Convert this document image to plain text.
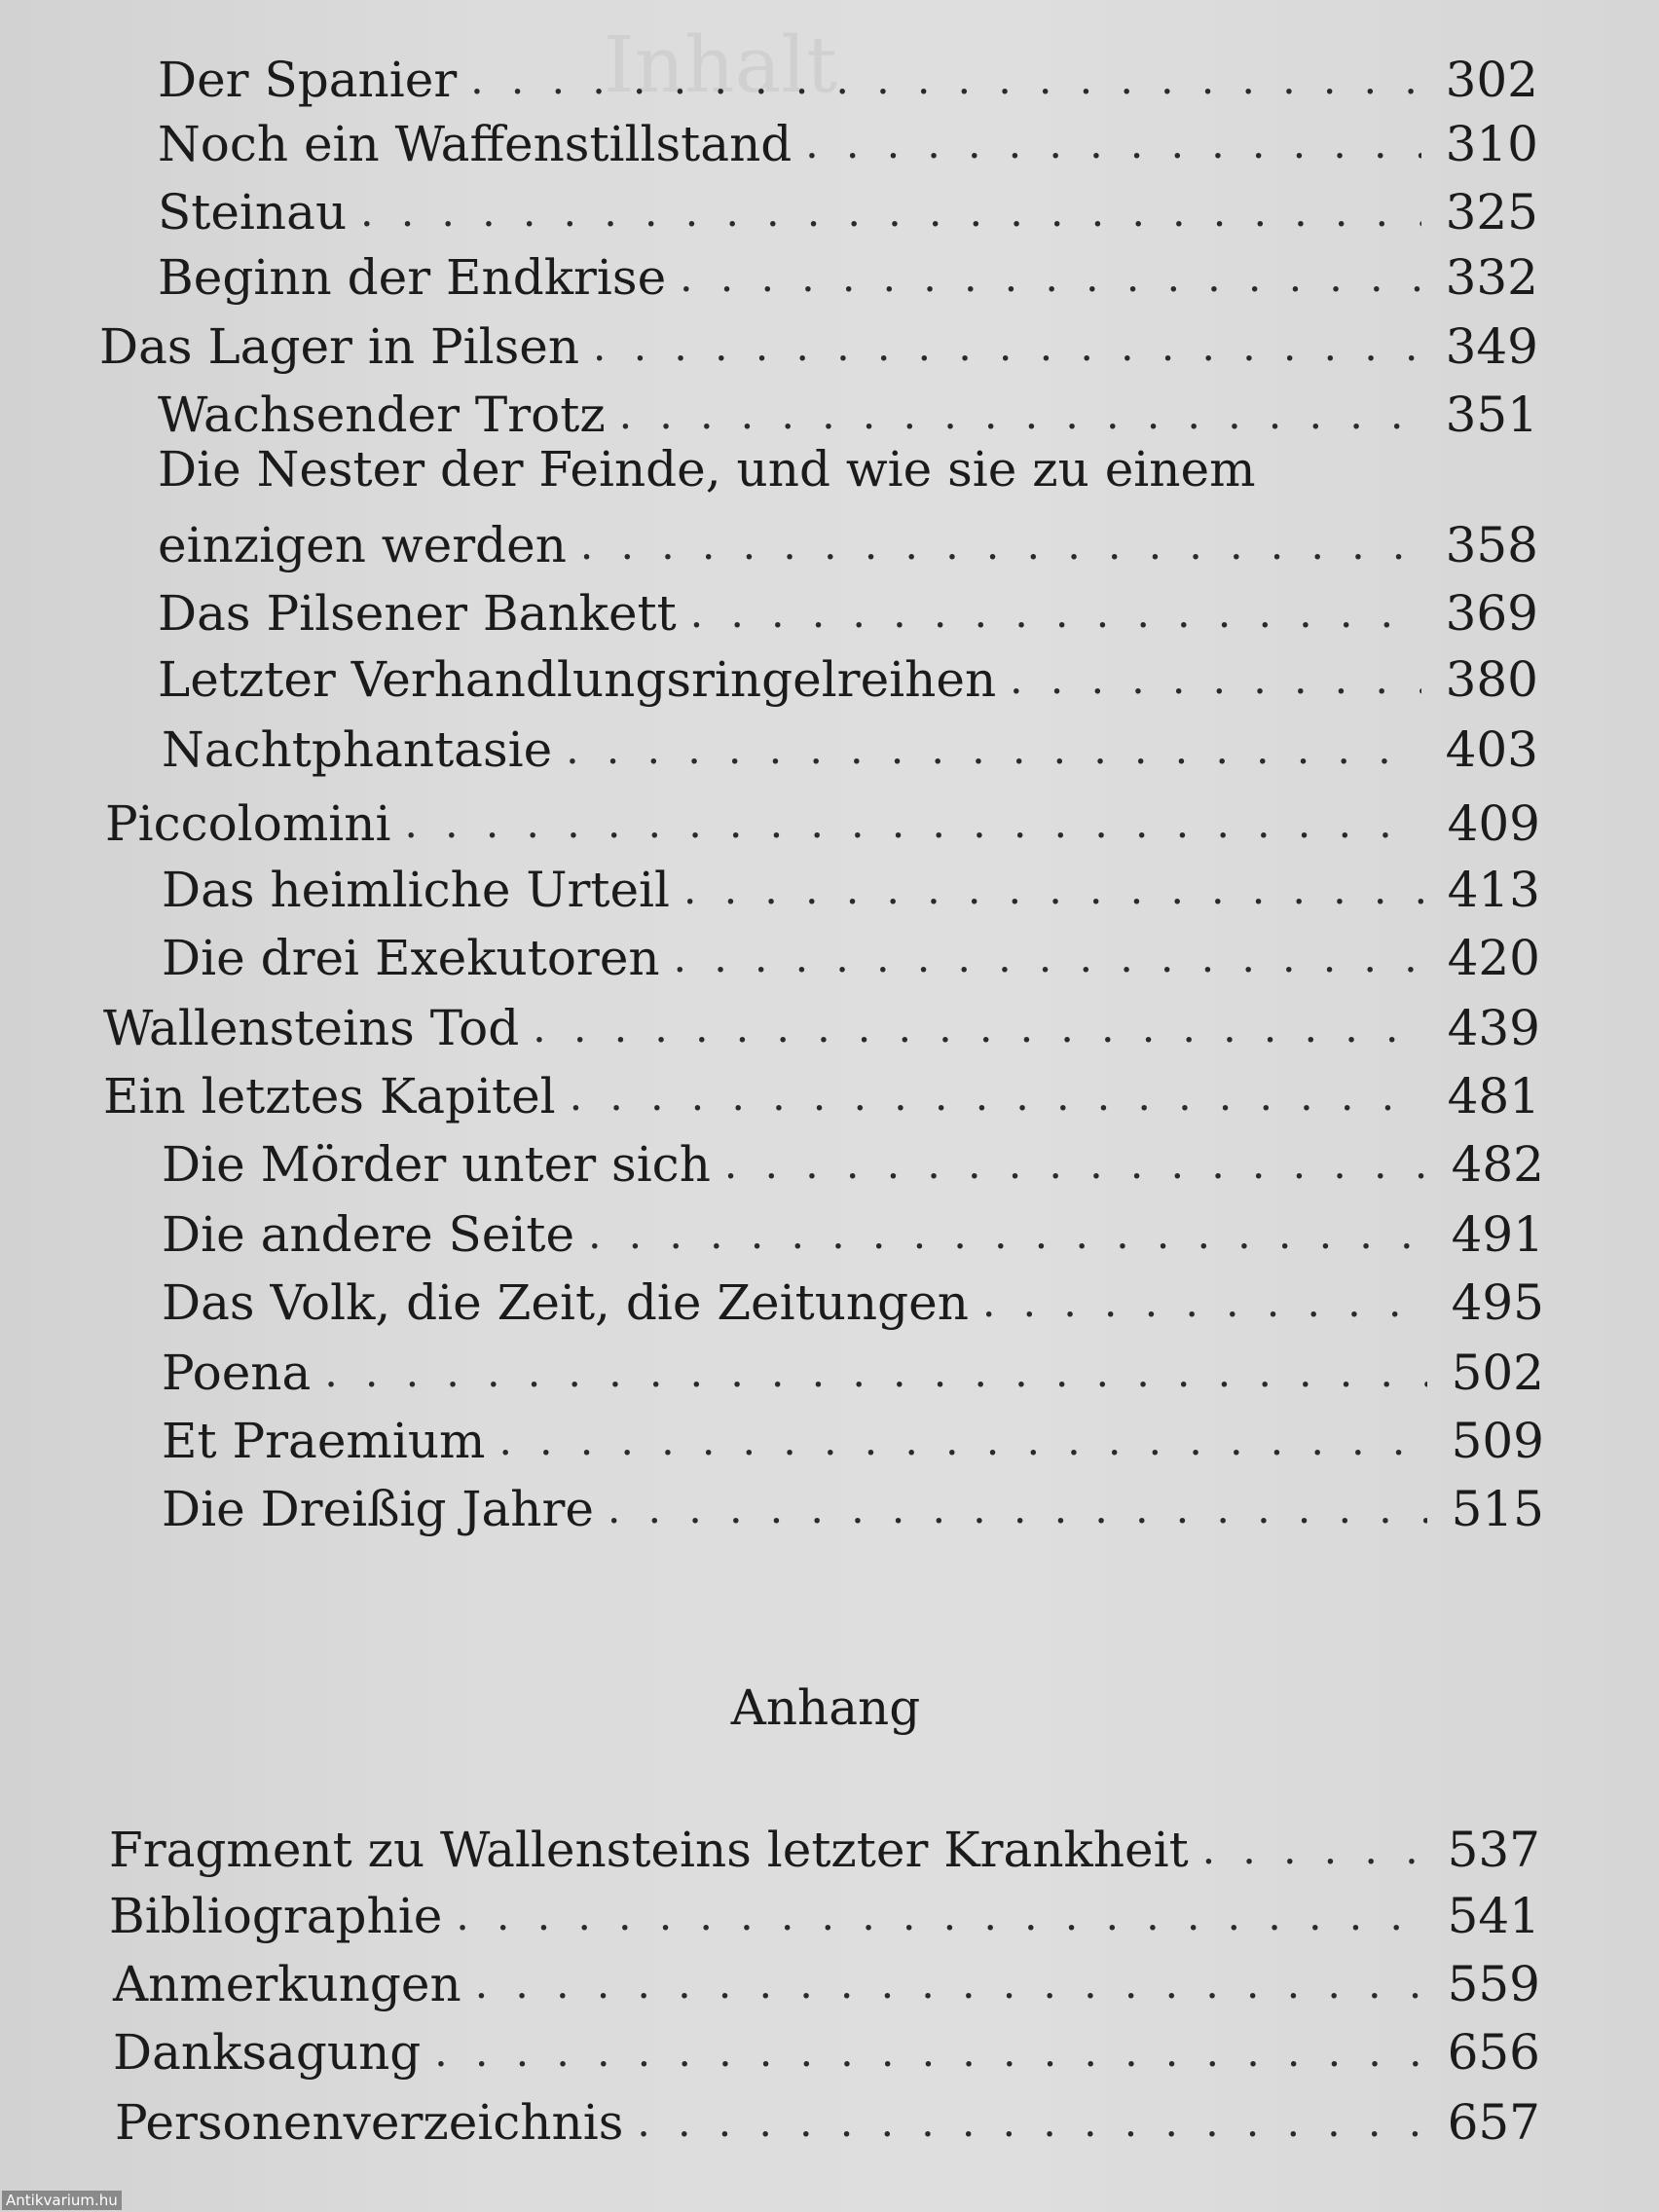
Inhalt
Der Spanier . . .	302
Noch ein Waffenstillstand . . .	310
Steinau . . .	325
Beginn der Endkrise . . .	332
Das Lager in Pilsen . . .	349
Wachsender Trotz . . .	351
Die Nester der Feinde, und wie sie zu einem
einzigen werden . . .	358
Das Pilsener Bankett . . .	369
Letzter Verhandlungsringelreihen . . .	380
Nachtphantasie . . .	403
Piccolomini . . .	409
Das heimliche Urteil . . .	413
Die drei Exekutoren . . .	420
Wallensteins Tod . . .	439
Ein letztes Kapitel . . .	481
Die Mörder unter sich . . .	482
Die andere Seite . . .	491
Das Volk, die Zeit, die Zeitungen . . .	495
Poena . . .	502
Et Praemium . . .	509
Die Dreißig Jahre . . .	515
Anhang
Fragment zu Wallensteins letzter Krankheit . . .	537
Bibliographie . . .	541
Anmerkungen . . .	559
Danksagung . . .	656
Personenverzeichnis . . .	657
Antikvarium.hu
